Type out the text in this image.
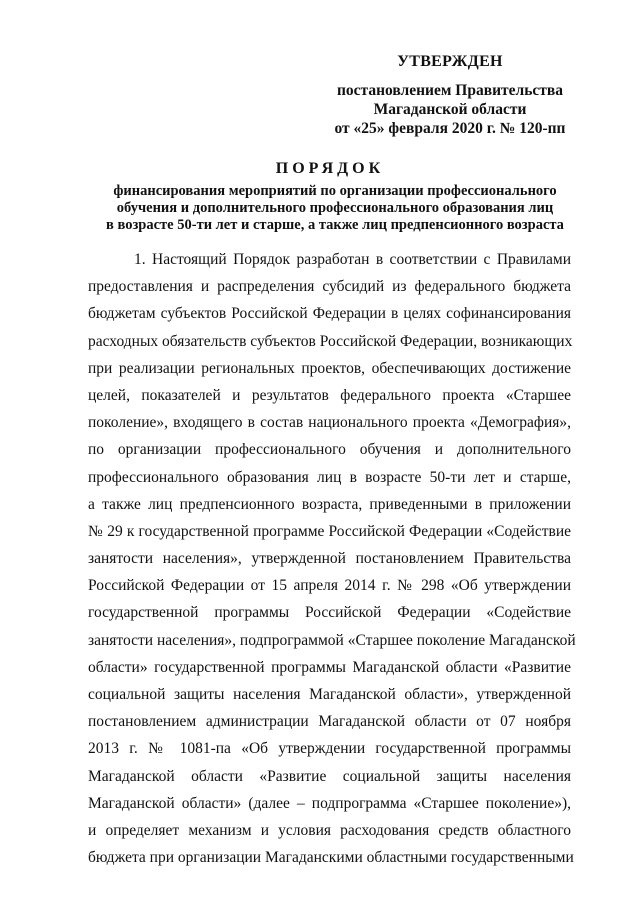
УТВЕРЖДЕН
постановлением Правительства
Магаданской области
от «25» февраля 2020 г. № 120-пп
ПОРЯДОК
финансирования мероприятий по организации профессионального
обучения и дополнительного профессионального образования лиц
в возрасте 50-ти лет и старше, а также лиц предпенсионного возраста
1. Настоящий Порядок разработан в соответствии с Правилами
предоставления и распределения субсидий из федерального бюджета
бюджетам субъектов Российской Федерации в целях софинансирования
расходных обязательств субъектов Российской Федерации, возникающих
при реализации региональных проектов, обеспечивающих достижение
целей, показателей и результатов федерального проекта «Старшее
поколение», входящего в состав национального проекта «Демография»,
по организации профессионального обучения и дополнительного
профессионального образования лиц в возрасте 50-ти лет и старше,
а также лиц предпенсионного возраста, приведенными в приложении
№ 29 к государственной программе Российской Федерации «Содействие
занятости населения», утвержденной постановлением Правительства
Российской Федерации от 15 апреля 2014 г. № 298 «Об утверждении
государственной программы Российской Федерации «Содействие
занятости населения», подпрограммой «Старшее поколение Магаданской
области» государственной программы Магаданской области «Развитие
социальной защиты населения Магаданской области», утвержденной
постановлением администрации Магаданской области от 07 ноября
2013 г. № 1081-па «Об утверждении государственной программы
Магаданской области «Развитие социальной защиты населения
Магаданской области» (далее – подпрограмма «Старшее поколение»),
и определяет механизм и условия расходования средств областного
бюджета при организации Магаданскими областными государственными
